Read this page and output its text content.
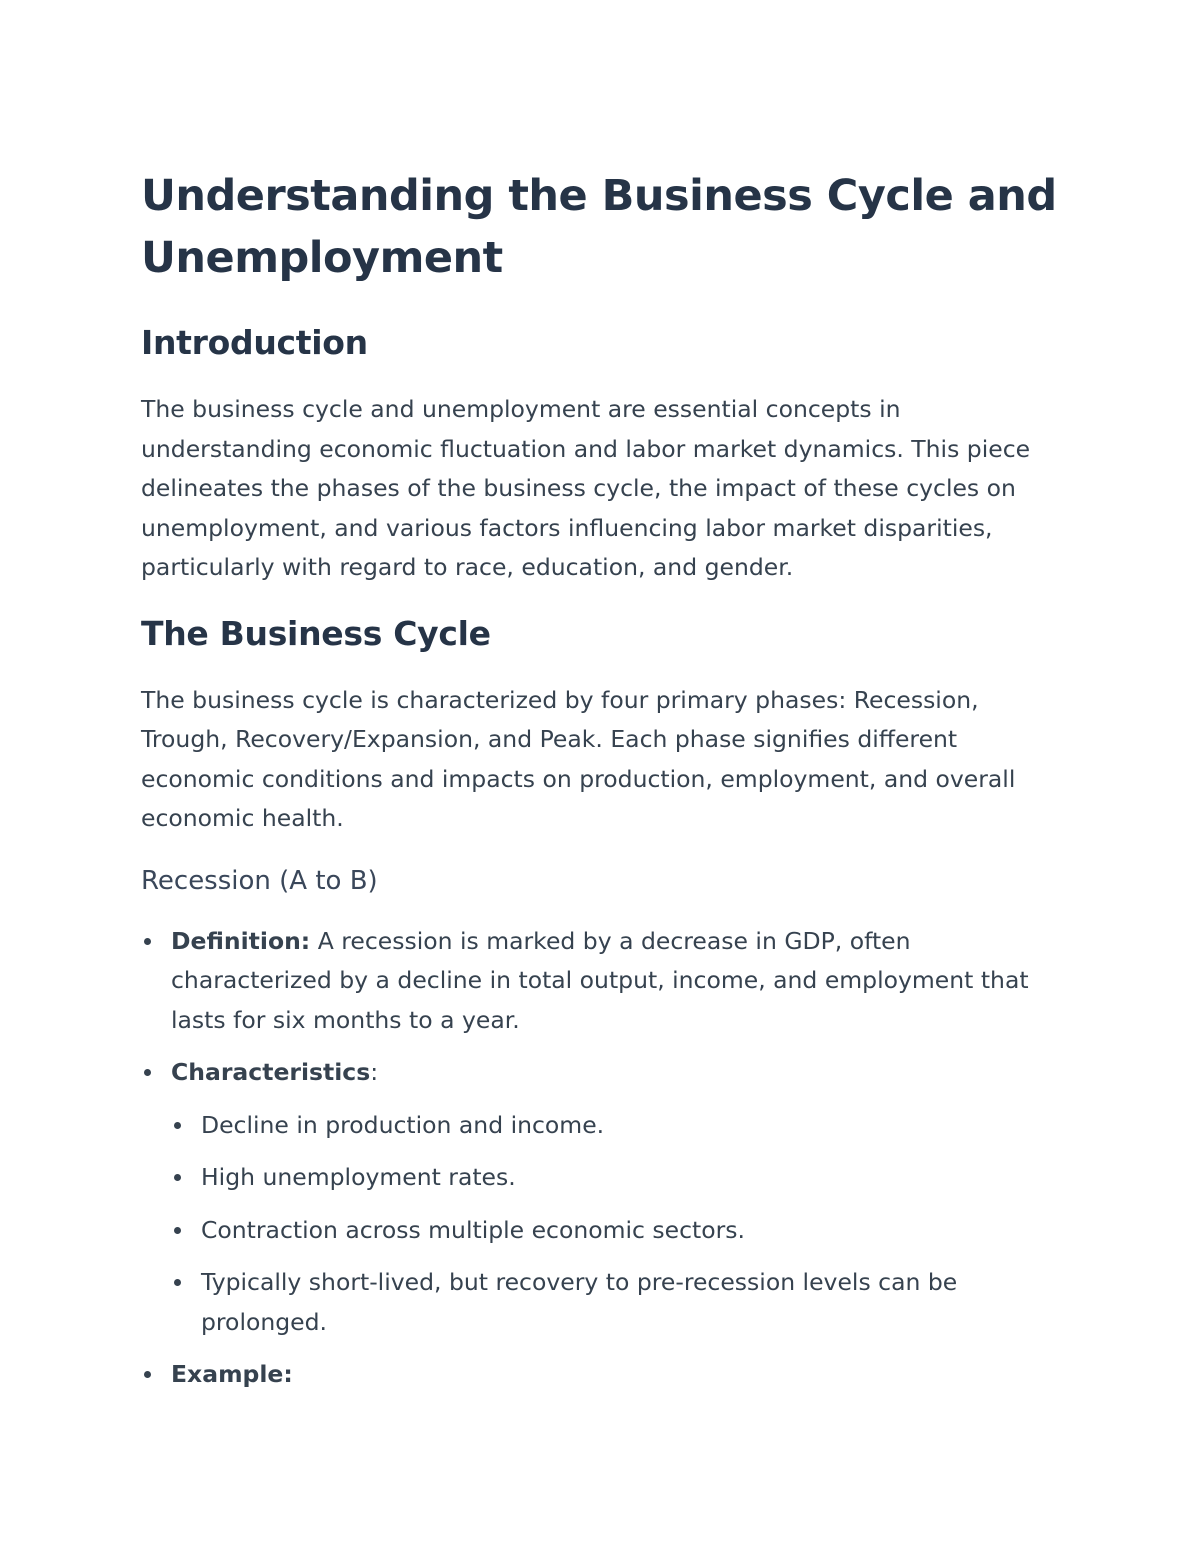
Understanding the Business Cycle and Unemployment
Introduction

The business cycle and unemployment are essential concepts in understanding economic fluctuation and labor market dynamics. This piece delineates the phases of the business cycle, the impact of these cycles on unemployment, and various factors influencing labor market disparities, particularly with regard to race, education, and gender.

The Business Cycle

The business cycle is characterized by four primary phases: Recession, Trough, Recovery/Expansion, and Peak. Each phase signifies different economic conditions and impacts on production, employment, and overall economic health.

Recession (A to B)
Definition: A recession is marked by a decrease in GDP, often characterized by a decline in total output, income, and employment that lasts for six months to a year.
Characteristics:
Decline in production and income.
High unemployment rates.
Contraction across multiple economic sectors.
Typically short-lived, but recovery to pre-recession levels can be prolonged.
Example:
